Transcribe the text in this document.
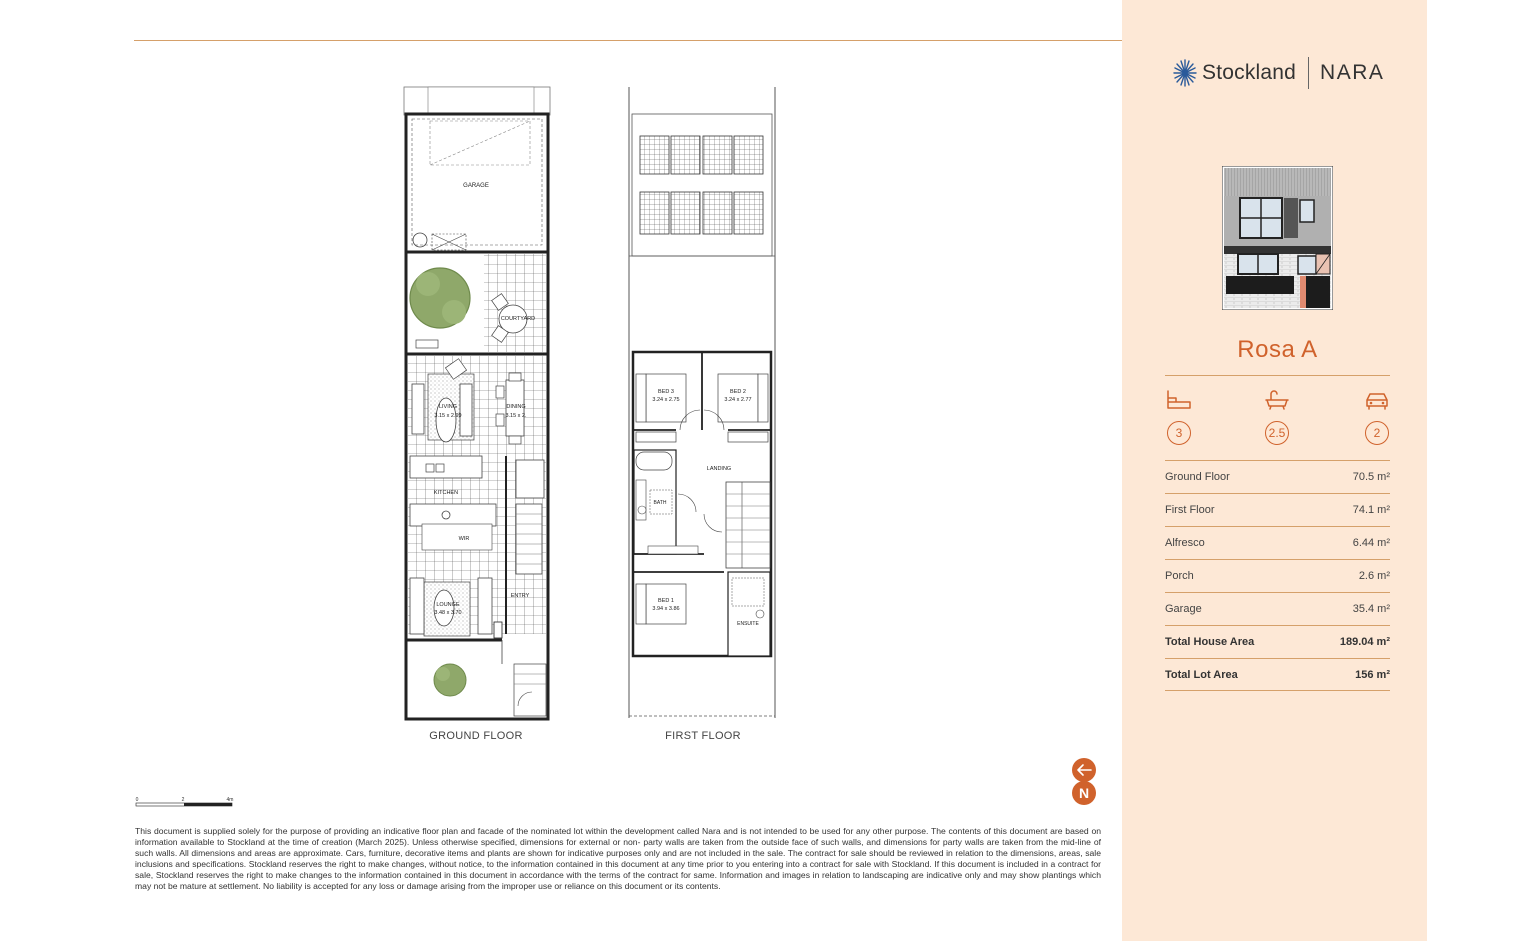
GARAGE
COURTYARD
LIVING
3.15 x 2.99
DINING
3.15 x 2.
KITCHEN
WIR
LOUNGE
3.48 x 3.70
ENTRY
GROUND FLOOR
BED 3
3.24 x 2.75
BED 2
3.24 x 2.77
LANDING
BATH
BED 1
3.94 x 3.86
ENSUITE
FIRST FLOOR
N
0	2	4m
This document is supplied solely for the purpose of providing an indicative floor plan and facade of the nominated lot within the development called Nara and is not intended to be used for any other purpose. The contents of this document are based on information available to Stockland at the time of creation (March 2025). Unless otherwise specified, dimensions for external or non- party walls are taken from the outside face of such walls, and dimensions for party walls are taken from the mid-line of such walls. All dimensions and areas are approximate. Cars, furniture, decorative items and plants are shown for indicative purposes only and are not included in the sale. The contract for sale should be reviewed in relation to the dimensions, areas, sale inclusions and specifications. Stockland reserves the right to make changes, without notice, to the information contained in this document at any time prior to you entering into a contract for sale with Stockland. If this document is included in a contract for sale, Stockland reserves the right to make changes to the information contained in this document in accordance with the terms of the contract for same. Information and images in relation to landscaping are indicative only and may show plantings which may not be mature at settlement. No liability is accepted for any loss or damage arising from the improper use or reliance on this document or its contents.
Stockland NARA
Rosa A
3	2.5	2
Ground Floor	70.5 m²
First Floor	74.1 m²
Alfresco	6.44 m²
Porch	2.6 m²
Garage	35.4 m²
Total House Area	189.04 m²
Total Lot Area	156 m²
